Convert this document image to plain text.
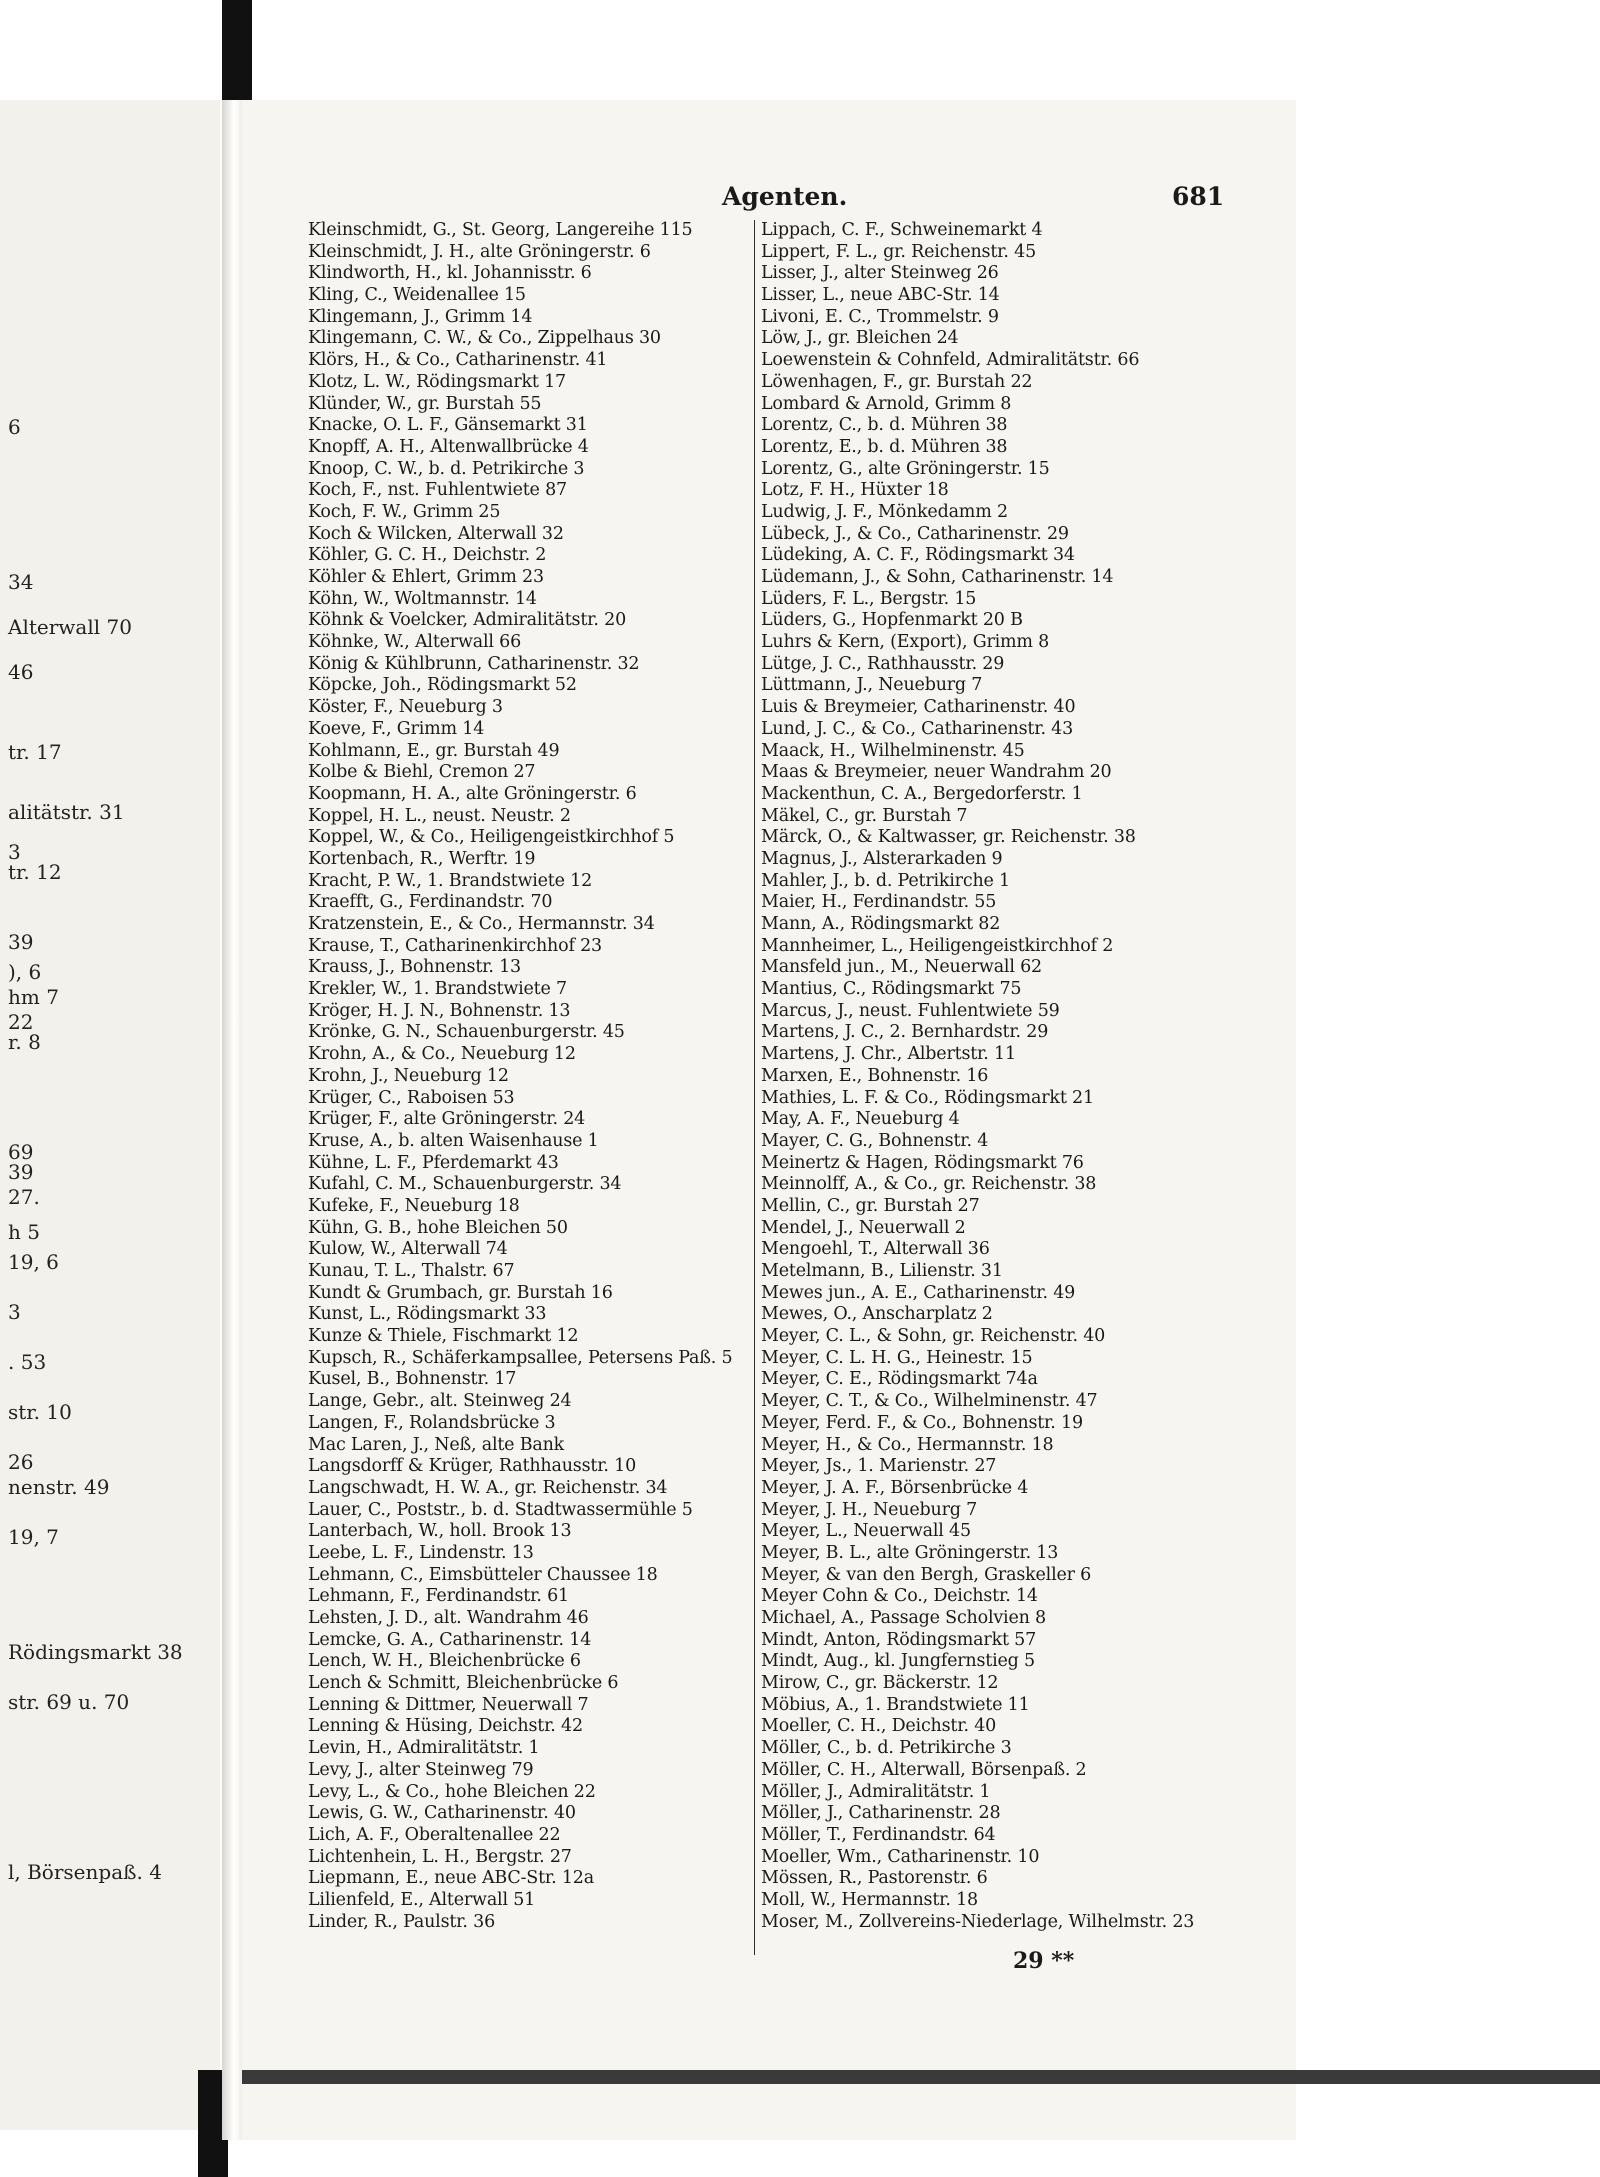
6
34
Alterwall 70
46
tr. 17
alitätstr. 31
3
tr. 12
39
), 6
hm 7
22
r. 8
69
39
27.
h 5
19, 6
3
. 53
str. 10
26
nenstr. 49
19, 7
Rödingsmarkt 38
str. 69 u. 70
l, Börsenpaß. 4
Agenten.	681
Kleinschmidt, G., St. Georg, Langereihe 115
Kleinschmidt, J. H., alte Gröningerstr. 6
Klindworth, H., kl. Johannisstr. 6
Kling, C., Weidenallee 15
Klingemann, J., Grimm 14
Klingemann, C. W., & Co., Zippelhaus 30
Klörs, H., & Co., Catharinenstr. 41
Klotz, L. W., Rödingsmarkt 17
Klünder, W., gr. Burstah 55
Knacke, O. L. F., Gänsemarkt 31
Knopff, A. H., Altenwallbrücke 4
Knoop, C. W., b. d. Petrikirche 3
Koch, F., nst. Fuhlentwiete 87
Koch, F. W., Grimm 25
Koch & Wilcken, Alterwall 32
Köhler, G. C. H., Deichstr. 2
Köhler & Ehlert, Grimm 23
Köhn, W., Woltmannstr. 14
Köhnk & Voelcker, Admiralitätstr. 20
Köhnke, W., Alterwall 66
König & Kühlbrunn, Catharinenstr. 32
Köpcke, Joh., Rödingsmarkt 52
Köster, F., Neueburg 3
Koeve, F., Grimm 14
Kohlmann, E., gr. Burstah 49
Kolbe & Biehl, Cremon 27
Koopmann, H. A., alte Gröningerstr. 6
Koppel, H. L., neust. Neustr. 2
Koppel, W., & Co., Heiligengeistkirchhof 5
Kortenbach, R., Werftr. 19
Kracht, P. W., 1. Brandstwiete 12
Kraefft, G., Ferdinandstr. 70
Kratzenstein, E., & Co., Hermannstr. 34
Krause, T., Catharinenkirchhof 23
Krauss, J., Bohnenstr. 13
Krekler, W., 1. Brandstwiete 7
Kröger, H. J. N., Bohnenstr. 13
Krönke, G. N., Schauenburgerstr. 45
Krohn, A., & Co., Neueburg 12
Krohn, J., Neueburg 12
Krüger, C., Raboisen 53
Krüger, F., alte Gröningerstr. 24
Kruse, A., b. alten Waisenhause 1
Kühne, L. F., Pferdemarkt 43
Kufahl, C. M., Schauenburgerstr. 34
Kufeke, F., Neueburg 18
Kühn, G. B., hohe Bleichen 50
Kulow, W., Alterwall 74
Kunau, T. L., Thalstr. 67
Kundt & Grumbach, gr. Burstah 16
Kunst, L., Rödingsmarkt 33
Kunze & Thiele, Fischmarkt 12
Kupsch, R., Schäferkampsallee, Petersens Paß. 5
Kusel, B., Bohnenstr. 17
Lange, Gebr., alt. Steinweg 24
Langen, F., Rolandsbrücke 3
Mac Laren, J., Neß, alte Bank
Langsdorff & Krüger, Rathhausstr. 10
Langschwadt, H. W. A., gr. Reichenstr. 34
Lauer, C., Poststr., b. d. Stadtwassermühle 5
Lanterbach, W., holl. Brook 13
Leebe, L. F., Lindenstr. 13
Lehmann, C., Eimsbütteler Chaussee 18
Lehmann, F., Ferdinandstr. 61
Lehsten, J. D., alt. Wandrahm 46
Lemcke, G. A., Catharinenstr. 14
Lench, W. H., Bleichenbrücke 6
Lench & Schmitt, Bleichenbrücke 6
Lenning & Dittmer, Neuerwall 7
Lenning & Hüsing, Deichstr. 42
Levin, H., Admiralitätstr. 1
Levy, J., alter Steinweg 79
Levy, L., & Co., hohe Bleichen 22
Lewis, G. W., Catharinenstr. 40
Lich, A. F., Oberaltenallee 22
Lichtenhein, L. H., Bergstr. 27
Liepmann, E., neue ABC-Str. 12a
Lilienfeld, E., Alterwall 51
Linder, R., Paulstr. 36
Lippach, C. F., Schweinemarkt 4
Lippert, F. L., gr. Reichenstr. 45
Lisser, J., alter Steinweg 26
Lisser, L., neue ABC-Str. 14
Livoni, E. C., Trommelstr. 9
Löw, J., gr. Bleichen 24
Loewenstein & Cohnfeld, Admiralitätstr. 66
Löwenhagen, F., gr. Burstah 22
Lombard & Arnold, Grimm 8
Lorentz, C., b. d. Mühren 38
Lorentz, E., b. d. Mühren 38
Lorentz, G., alte Gröningerstr. 15
Lotz, F. H., Hüxter 18
Ludwig, J. F., Mönkedamm 2
Lübeck, J., & Co., Catharinenstr. 29
Lüdeking, A. C. F., Rödingsmarkt 34
Lüdemann, J., & Sohn, Catharinenstr. 14
Lüders, F. L., Bergstr. 15
Lüders, G., Hopfenmarkt 20 B
Luhrs & Kern, (Export), Grimm 8
Lütge, J. C., Rathhausstr. 29
Lüttmann, J., Neueburg 7
Luis & Breymeier, Catharinenstr. 40
Lund, J. C., & Co., Catharinenstr. 43
Maack, H., Wilhelminenstr. 45
Maas & Breymeier, neuer Wandrahm 20
Mackenthun, C. A., Bergedorferstr. 1
Mäkel, C., gr. Burstah 7
Märck, O., & Kaltwasser, gr. Reichenstr. 38
Magnus, J., Alsterarkaden 9
Mahler, J., b. d. Petrikirche 1
Maier, H., Ferdinandstr. 55
Mann, A., Rödingsmarkt 82
Mannheimer, L., Heiligengeistkirchhof 2
Mansfeld jun., M., Neuerwall 62
Mantius, C., Rödingsmarkt 75
Marcus, J., neust. Fuhlentwiete 59
Martens, J. C., 2. Bernhardstr. 29
Martens, J. Chr., Albertstr. 11
Marxen, E., Bohnenstr. 16
Mathies, L. F. & Co., Rödingsmarkt 21
May, A. F., Neueburg 4
Mayer, C. G., Bohnenstr. 4
Meinertz & Hagen, Rödingsmarkt 76
Meinnolff, A., & Co., gr. Reichenstr. 38
Mellin, C., gr. Burstah 27
Mendel, J., Neuerwall 2
Mengoehl, T., Alterwall 36
Metelmann, B., Lilienstr. 31
Mewes jun., A. E., Catharinenstr. 49
Mewes, O., Anscharplatz 2
Meyer, C. L., & Sohn, gr. Reichenstr. 40
Meyer, C. L. H. G., Heinestr. 15
Meyer, C. E., Rödingsmarkt 74a
Meyer, C. T., & Co., Wilhelminenstr. 47
Meyer, Ferd. F., & Co., Bohnenstr. 19
Meyer, H., & Co., Hermannstr. 18
Meyer, Js., 1. Marienstr. 27
Meyer, J. A. F., Börsenbrücke 4
Meyer, J. H., Neueburg 7
Meyer, L., Neuerwall 45
Meyer, B. L., alte Gröningerstr. 13
Meyer, & van den Bergh, Graskeller 6
Meyer Cohn & Co., Deichstr. 14
Michael, A., Passage Scholvien 8
Mindt, Anton, Rödingsmarkt 57
Mindt, Aug., kl. Jungfernstieg 5
Mirow, C., gr. Bäckerstr. 12
Möbius, A., 1. Brandstwiete 11
Moeller, C. H., Deichstr. 40
Möller, C., b. d. Petrikirche 3
Möller, C. H., Alterwall, Börsenpaß. 2
Möller, J., Admiralitätstr. 1
Möller, J., Catharinenstr. 28
Möller, T., Ferdinandstr. 64
Moeller, Wm., Catharinenstr. 10
Mössen, R., Pastorenstr. 6
Moll, W., Hermannstr. 18
Moser, M., Zollvereins-Niederlage, Wilhelmstr. 23
29 **
